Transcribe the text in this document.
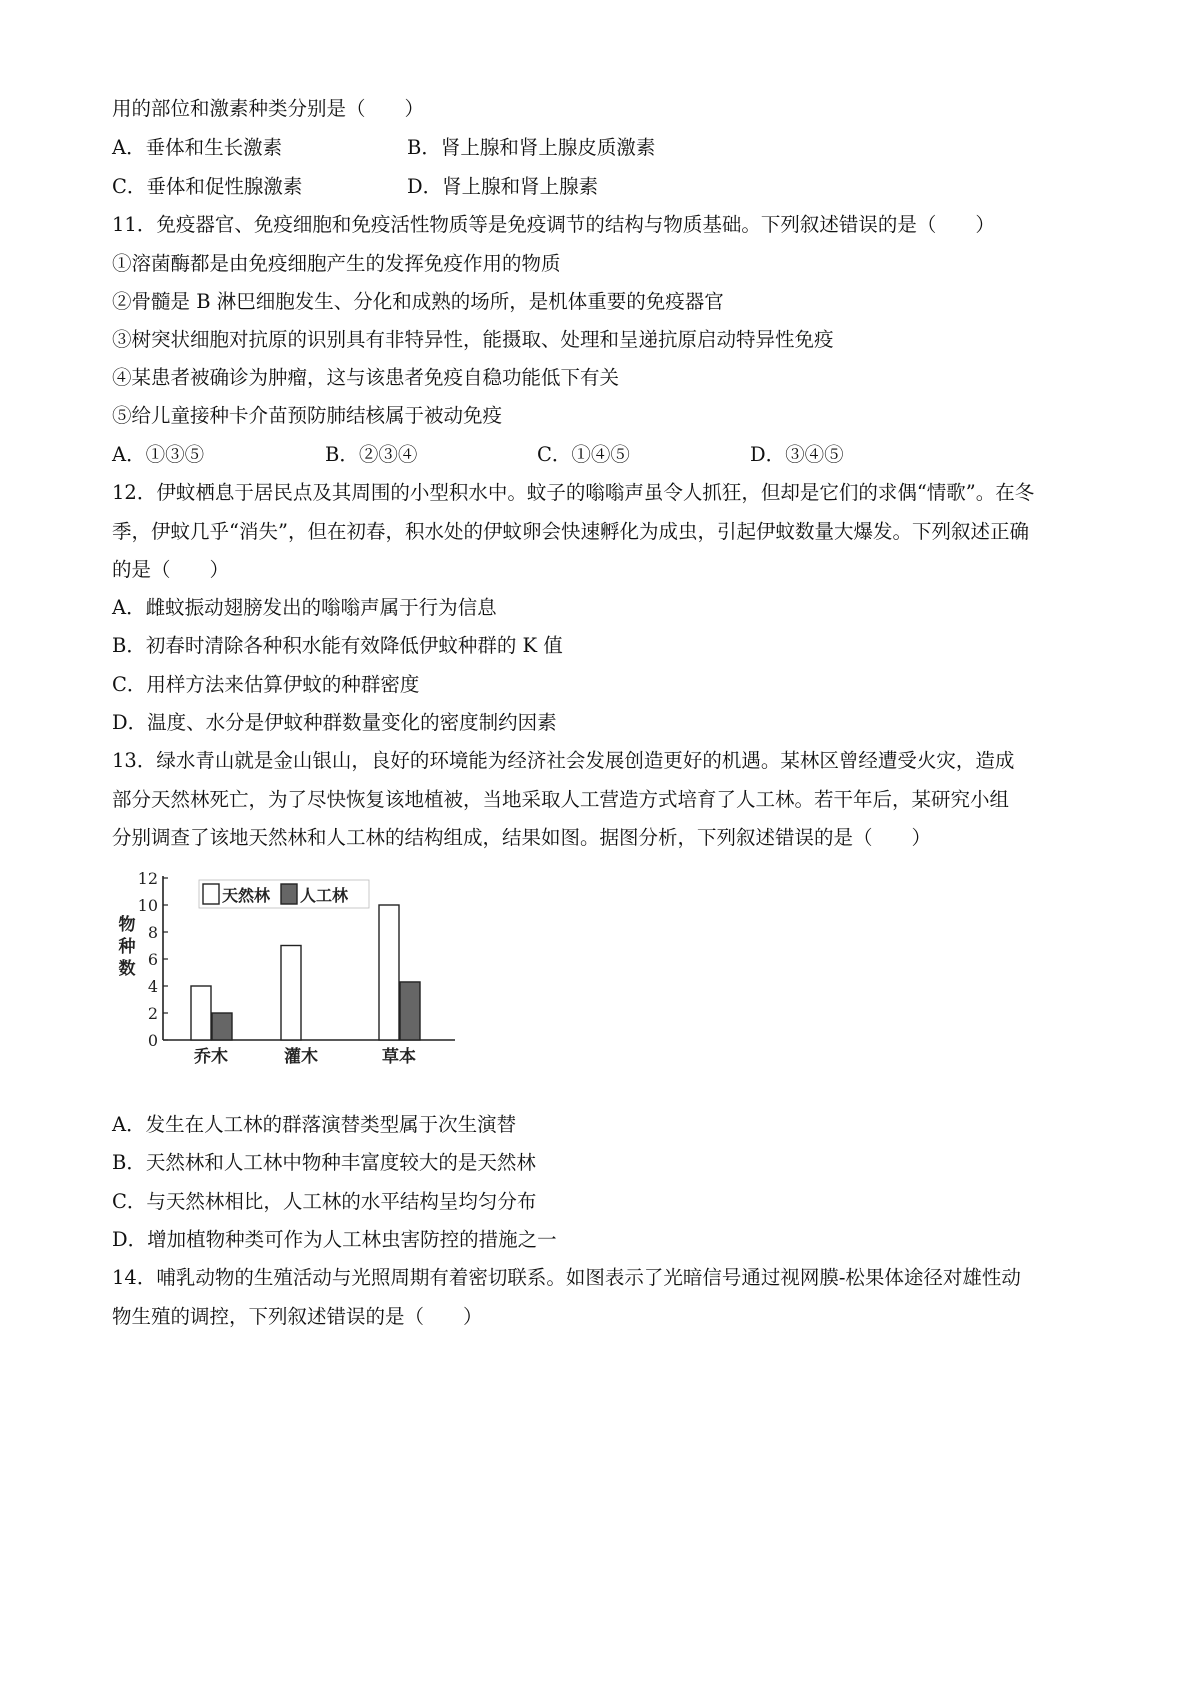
用的部位和激素种类分别是（　　）
A．垂体和生长激素	B．肾上腺和肾上腺皮质激素
C．垂体和促性腺激素	D．肾上腺和肾上腺素
11．免疫器官、免疫细胞和免疫活性物质等是免疫调节的结构与物质基础。下列叙述错误的是（　　）
①溶菌酶都是由免疫细胞产生的发挥免疫作用的物质
②骨髓是 B 淋巴细胞发生、分化和成熟的场所，是机体重要的免疫器官
③树突状细胞对抗原的识别具有非特异性，能摄取、处理和呈递抗原启动特异性免疫
④某患者被确诊为肿瘤，这与该患者免疫自稳功能低下有关
⑤给儿童接种卡介苗预防肺结核属于被动免疫
A．①③⑤	B．②③④	C．①④⑤	D．③④⑤
12．伊蚊栖息于居民点及其周围的小型积水中。蚊子的嗡嗡声虽令人抓狂，但却是它们的求偶“情歌”。在冬
季，伊蚊几乎“消失”，但在初春，积水处的伊蚊卵会快速孵化为成虫，引起伊蚊数量大爆发。下列叙述正确
的是（　　）
A．雌蚊振动翅膀发出的嗡嗡声属于行为信息
B．初春时清除各种积水能有效降低伊蚊种群的 K 值
C．用样方法来估算伊蚊的种群密度
D．温度、水分是伊蚊种群数量变化的密度制约因素
13．绿水青山就是金山银山，良好的环境能为经济社会发展创造更好的机遇。某林区曾经遭受火灾，造成
部分天然林死亡，为了尽快恢复该地植被，当地采取人工营造方式培育了人工林。若干年后，某研究小组
分别调查了该地天然林和人工林的结构组成，结果如图。据图分析，下列叙述错误的是（　　）
0
2
4
6
8
10
12
物
种
数
乔木	灌木	草本
天然林 人工林
A．发生在人工林的群落演替类型属于次生演替
B．天然林和人工林中物种丰富度较大的是天然林
C．与天然林相比，人工林的水平结构呈均匀分布
D．增加植物种类可作为人工林虫害防控的措施之一
14．哺乳动物的生殖活动与光照周期有着密切联系。如图表示了光暗信号通过视网膜-松果体途径对雄性动
物生殖的调控，下列叙述错误的是（　　）
